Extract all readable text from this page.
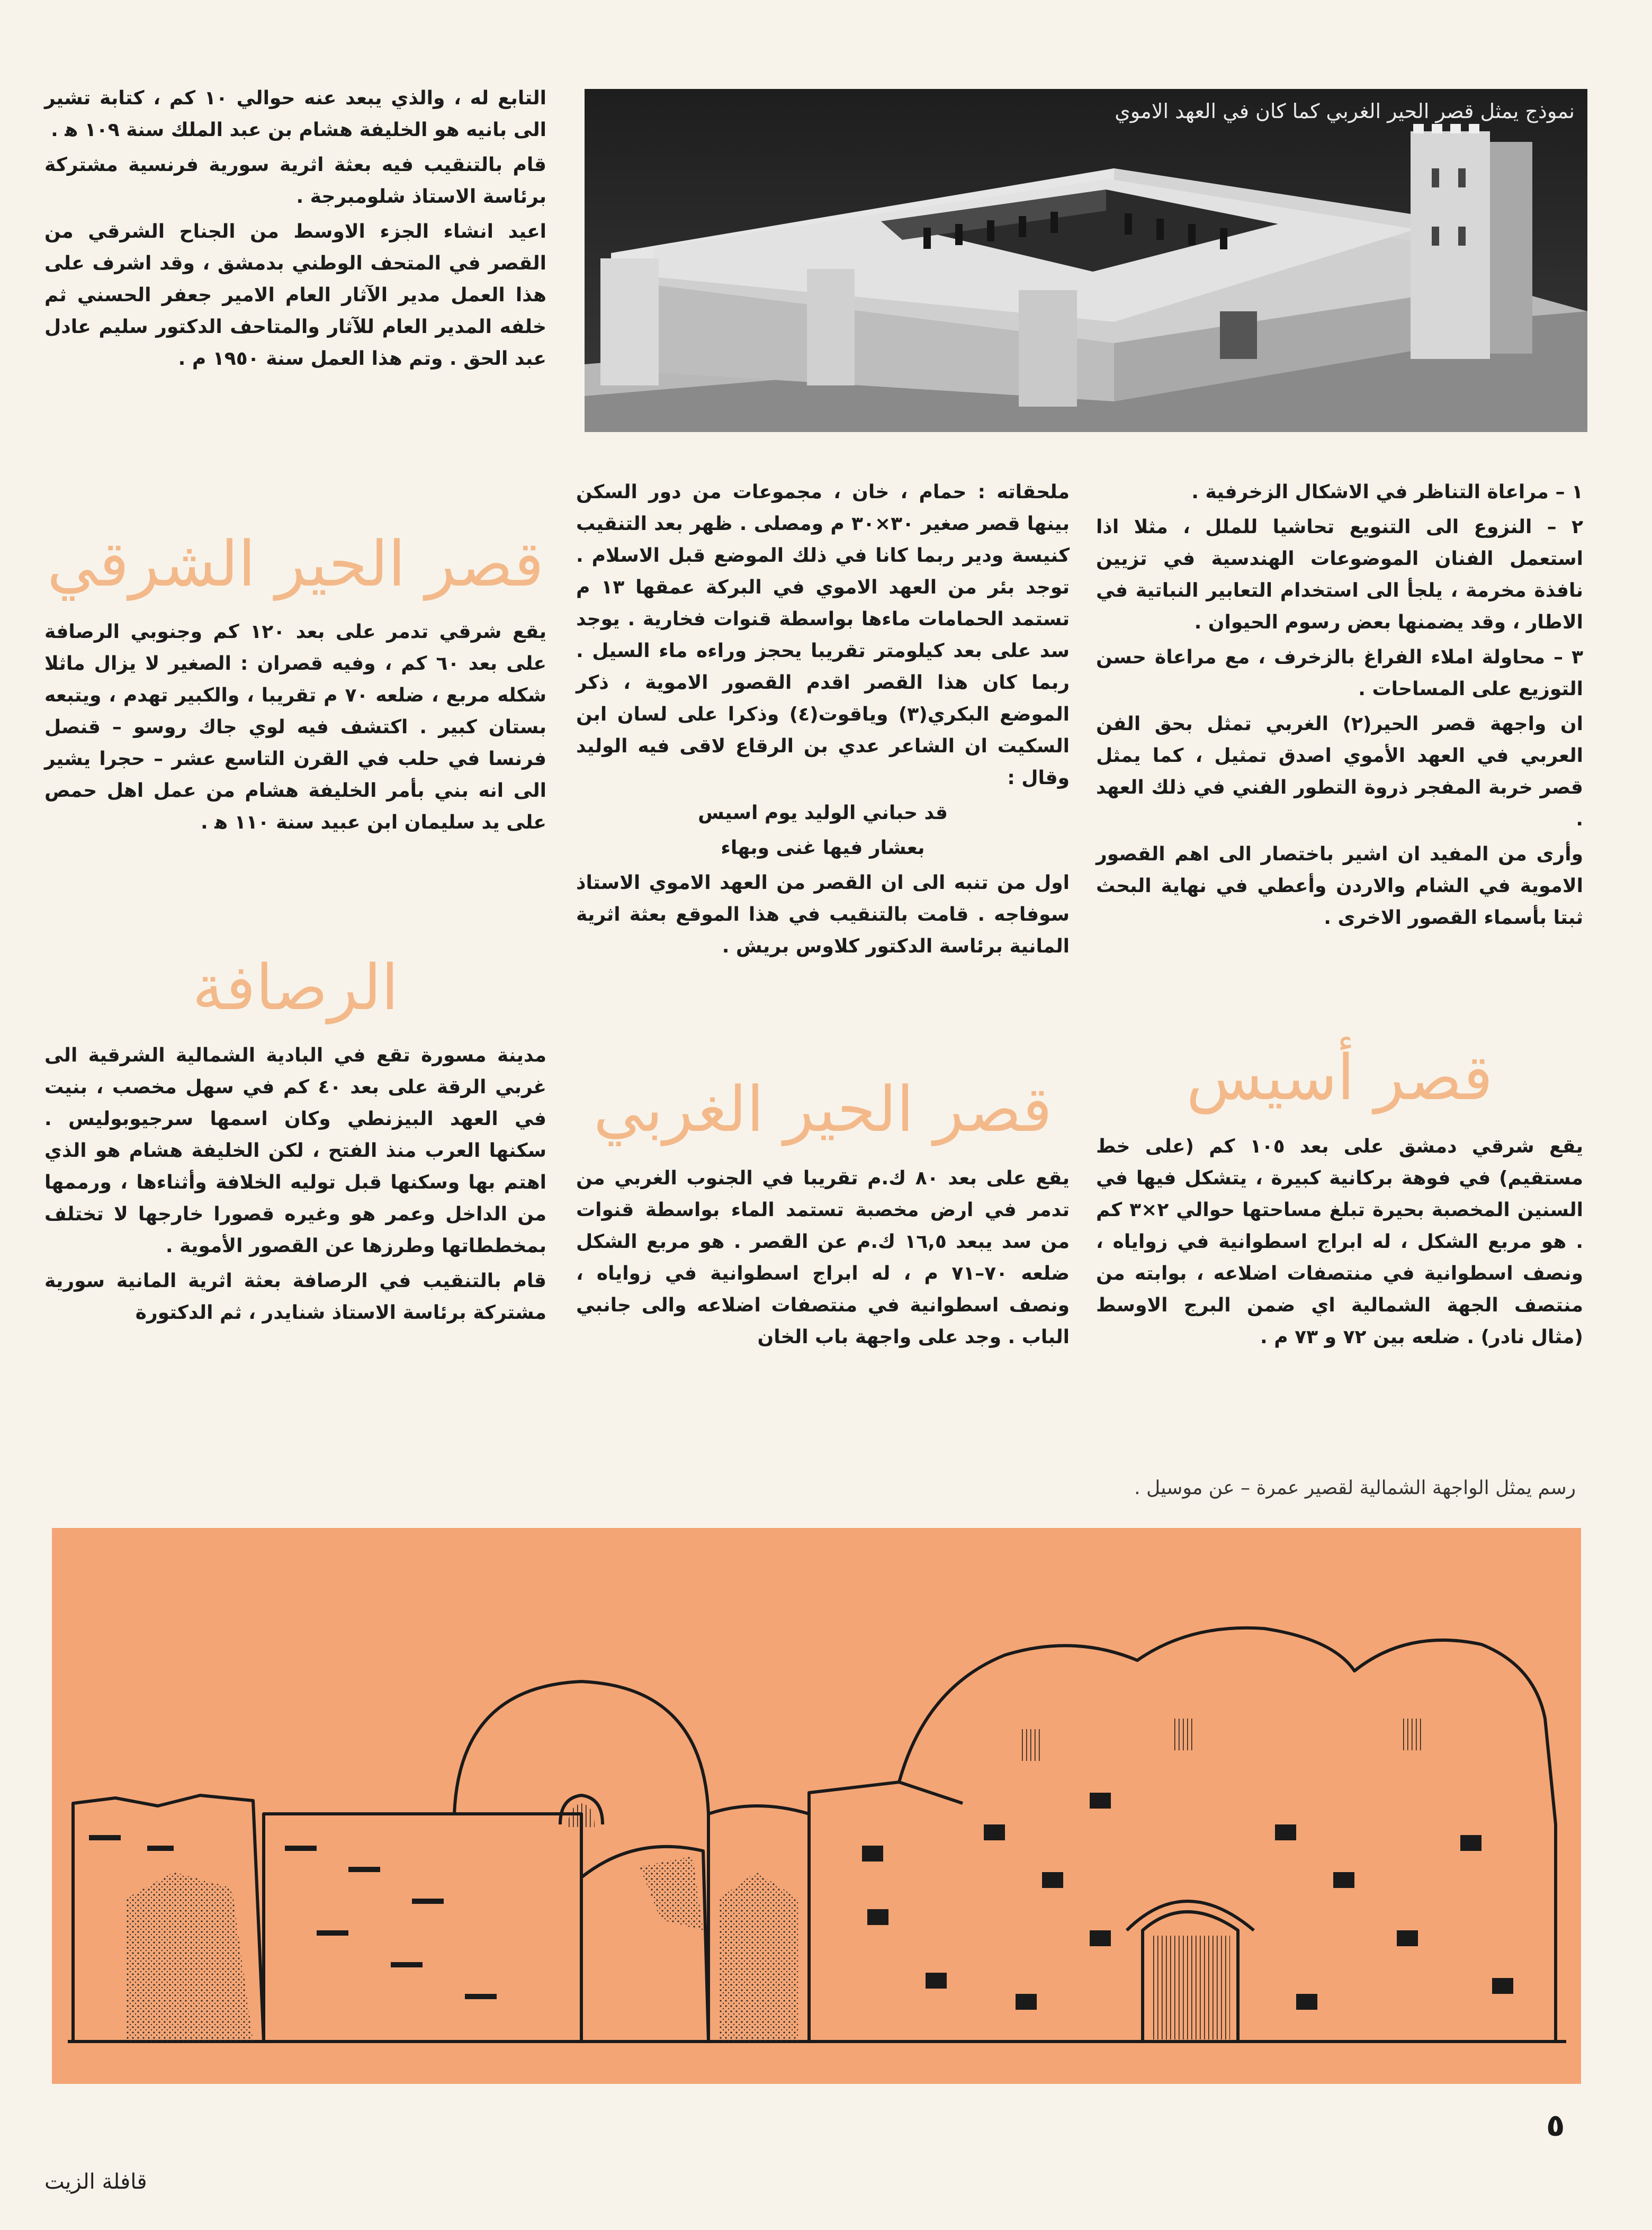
نموذج يمثل قصر الحير الغربي كما كان في العهد الاموي

التابع له ، والذي يبعد عنه حوالي ١٠ كم ، كتابة تشير الى بانيه هو الخليفة هشام بن عبد الملك سنة ١٠٩ ﻫ .

قام بالتنقيب فيه بعثة اثرية سورية فرنسية مشتركة برئاسة الاستاذ شلومبرجة .

اعيد انشاء الجزء الاوسط من الجناح الشرقي من القصر في المتحف الوطني بدمشق ، وقد اشرف على هذا العمل مدير الآثار العام الامير جعفر الحسني ثم خلفه المدير العام للآثار والمتاحف الدكتور سليم عادل عبد الحق . وتم هذا العمل سنة ١٩٥٠ م .

قصر الحير الشرقي

يقع شرقي تدمر على بعد ١٢٠ كم وجنوبي الرصافة على بعد ٦٠ كم ، وفيه قصران : الصغير لا يزال ماثلا شكله مربع ، ضلعه ٧٠ م تقريبا ، والكبير تهدم ، ويتبعه بستان كبير . اكتشف فيه لوي جاك روسو – قنصل فرنسا في حلب في القرن التاسع عشر – حجرا يشير الى انه بني بأمر الخليفة هشام من عمل اهل حمص على يد سليمان ابن عبيد سنة ١١٠ ﻫ .

الرصافة

مدينة مسورة تقع في البادية الشمالية الشرقية الى غربي الرقة على بعد ٤٠ كم في سهل مخصب ، بنيت في العهد البيزنطي وكان اسمها سرجيوبوليس . سكنها العرب منذ الفتح ، لكن الخليفة هشام هو الذي اهتم بها وسكنها قبل توليه الخلافة وأثناءها ، ورممها من الداخل وعمر هو وغيره قصورا خارجها لا تختلف بمخططاتها وطرزها عن القصور الأموية .

قام بالتنقيب في الرصافة بعثة اثرية المانية سورية مشتركة برئاسة الاستاذ شنايدر ، ثم الدكتورة

ملحقاته : حمام ، خان ، مجموعات من دور السكن بينها قصر صغير ٣٠×٣٠ م ومصلى . ظهر بعد التنقيب كنيسة ودير ربما كانا في ذلك الموضع قبل الاسلام . توجد بئر من العهد الاموي في البركة عمقها ١٣ م تستمد الحمامات ماءها بواسطة قنوات فخارية . يوجد سد على بعد كيلومتر تقريبا يحجز وراءه ماء السيل . ربما كان هذا القصر اقدم القصور الاموية ، ذكر الموضع البكري(٣) وياقوت(٤) وذكرا على لسان ابن السكيت ان الشاعر عدي بن الرقاع لاقى فيه الوليد وقال :

قد حباني الوليد يوم اسيس

بعشار فيها غنى وبهاء

اول من تنبه الى ان القصر من العهد الاموي الاستاذ سوفاجه . قامت بالتنقيب في هذا الموقع بعثة اثرية المانية برئاسة الدكتور كلاوس بريش .

قصر الحير الغربي

يقع على بعد ٨٠ ك.م تقريبا في الجنوب الغربي من تدمر في ارض مخصبة تستمد الماء بواسطة قنوات من سد يبعد ١٦,٥ ك.م عن القصر . هو مربع الشكل ضلعه ٧٠–٧١ م ، له ابراج اسطوانية في زواياه ، ونصف اسطوانية في منتصفات اضلاعه والى جانبي الباب . وجد على واجهة باب الخان

١ – مراعاة التناظر في الاشكال الزخرفية .

٢ – النزوع الى التنويع تحاشيا للملل ، مثلا اذا استعمل الفنان الموضوعات الهندسية في تزيين نافذة مخرمة ، يلجأ الى استخدام التعابير النباتية في الاطار ، وقد يضمنها بعض رسوم الحيوان .

٣ – محاولة املاء الفراغ بالزخرف ، مع مراعاة حسن التوزيع على المساحات .

ان واجهة قصر الحير(٢) الغربي تمثل بحق الفن العربي في العهد الأموي اصدق تمثيل ، كما يمثل قصر خربة المفجر ذروة التطور الفني في ذلك العهد .

وأرى من المفيد ان اشير باختصار الى اهم القصور الاموية في الشام والاردن وأعطي في نهاية البحث ثبتا بأسماء القصور الاخرى .

قصر أسيس

يقع شرقي دمشق على بعد ١٠٥ كم (على خط مستقيم) في فوهة بركانية كبيرة ، يتشكل فيها في السنين المخصبة بحيرة تبلغ مساحتها حوالي ٢×٣ كم . هو مربع الشكل ، له ابراج اسطوانية في زواياه ، ونصف اسطوانية في منتصفات اضلاعه ، بوابته من منتصف الجهة الشمالية اي ضمن البرج الاوسط (مثال نادر) . ضلعه بين ٧٢ و ٧٣ م .

رسم يمثل الواجهة الشمالية لقصير عمرة – عن موسيل .
٥
قافلة الزيت
